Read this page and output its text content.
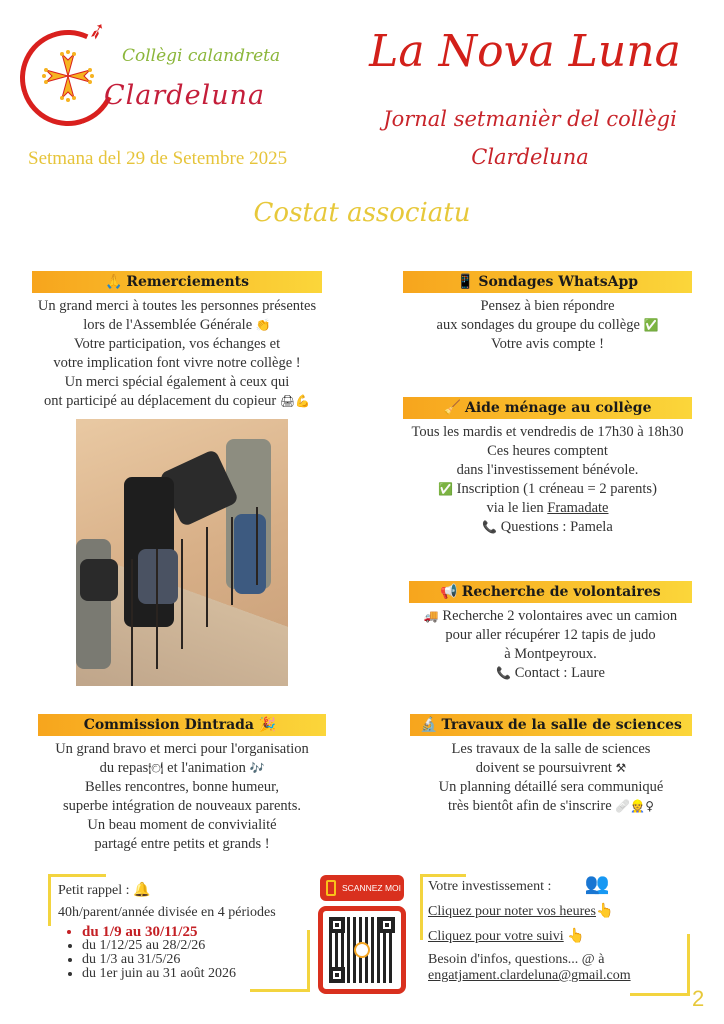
➶
Collègi calandreta
Clardeluna
Setmana del 29 de Setembre 2025
La Nova Luna
Jornal setmanièr del collègi
Clardeluna
Costat associatu
🙏 Remerciements
Un grand merci à toutes les personnes présentes
lors de l'Assemblée Générale 👏
Votre participation, vos échanges et
votre implication font vivre notre collège !
Un merci spécial également à ceux qui
ont participé au déplacement du copieur 🖨💪
Commission Dintrada 🎉
Un grand bravo et merci pour l'organisation
du repas🍽 et l'animation 🎶
Belles rencontres, bonne humeur,
superbe intégration de nouveaux parents.
Un beau moment de convivialité
partagé entre petits et grands !
📱 Sondages WhatsApp
Pensez à bien répondre
aux sondages du groupe du collège ✅
Votre avis compte !
🧹 Aide ménage au collège
Tous les mardis et vendredis de 17h30 à 18h30
Ces heures comptent
dans l'investissement bénévole.
✅ Inscription (1 créneau = 2 parents)
via le lien Framadate
📞 Questions : Pamela
📢 Recherche de volontaires
🚚 Recherche 2 volontaires avec un camion
pour aller récupérer 12 tapis de judo
à Montpeyroux.
📞 Contact : Laure
🔬 Travaux de la salle de sciences
Les travaux de la salle de sciences
doivent se poursuivrent ⚒
Un planning détaillé sera communiqué
très bientôt afin de s'inscrire 🩹👷♀
Petit rappel : 🔔
40h/parent/année divisée en 4 périodes
• du 1/9 au 30/11/25
• du 1/12/25 au 28/2/26
• du 1/3 au 31/5/26
• du 1er juin au 31 août 2026
SCANNEZ MOI Votre investissement : 👥
Cliquez pour noter vos heures👆
Cliquez pour votre suivi 👆
Besoin d'infos, questions... @ à
engatjament.clardeluna@gmail.com
2
